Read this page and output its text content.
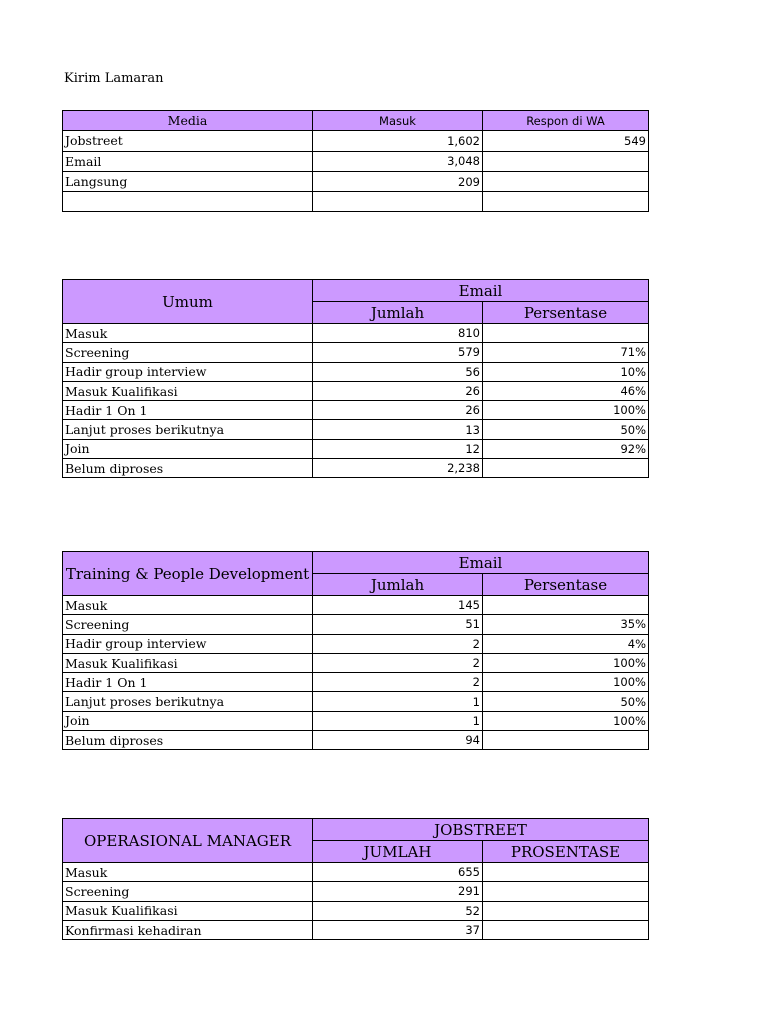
Kirim Lamaran
Media	Masuk	Respon di WA
Jobstreet	1,602	549
Email	3,048	
Langsung	209	

Umum	Email	
	Jumlah	Persentase
Masuk	810	
Screening	579	71%
Hadir group interview	56	10%
Masuk Kualifikasi	26	46%
Hadir 1 On 1	26	100%
Lanjut proses berikutnya	13	50%
Join	12	92%
Belum diproses	2,238	
Training & People Development	Email	
	Jumlah	Persentase
Masuk	145	
Screening	51	35%
Hadir group interview	2	4%
Masuk Kualifikasi	2	100%
Hadir 1 On 1	2	100%
Lanjut proses berikutnya	1	50%
Join	1	100%
Belum diproses	94	
OPERASIONAL MANAGER	JOBSTREET	
	JUMLAH	PROSENTASE
Masuk	655	
Screening	291	
Masuk Kualifikasi	52	
Konfirmasi kehadiran	37	
